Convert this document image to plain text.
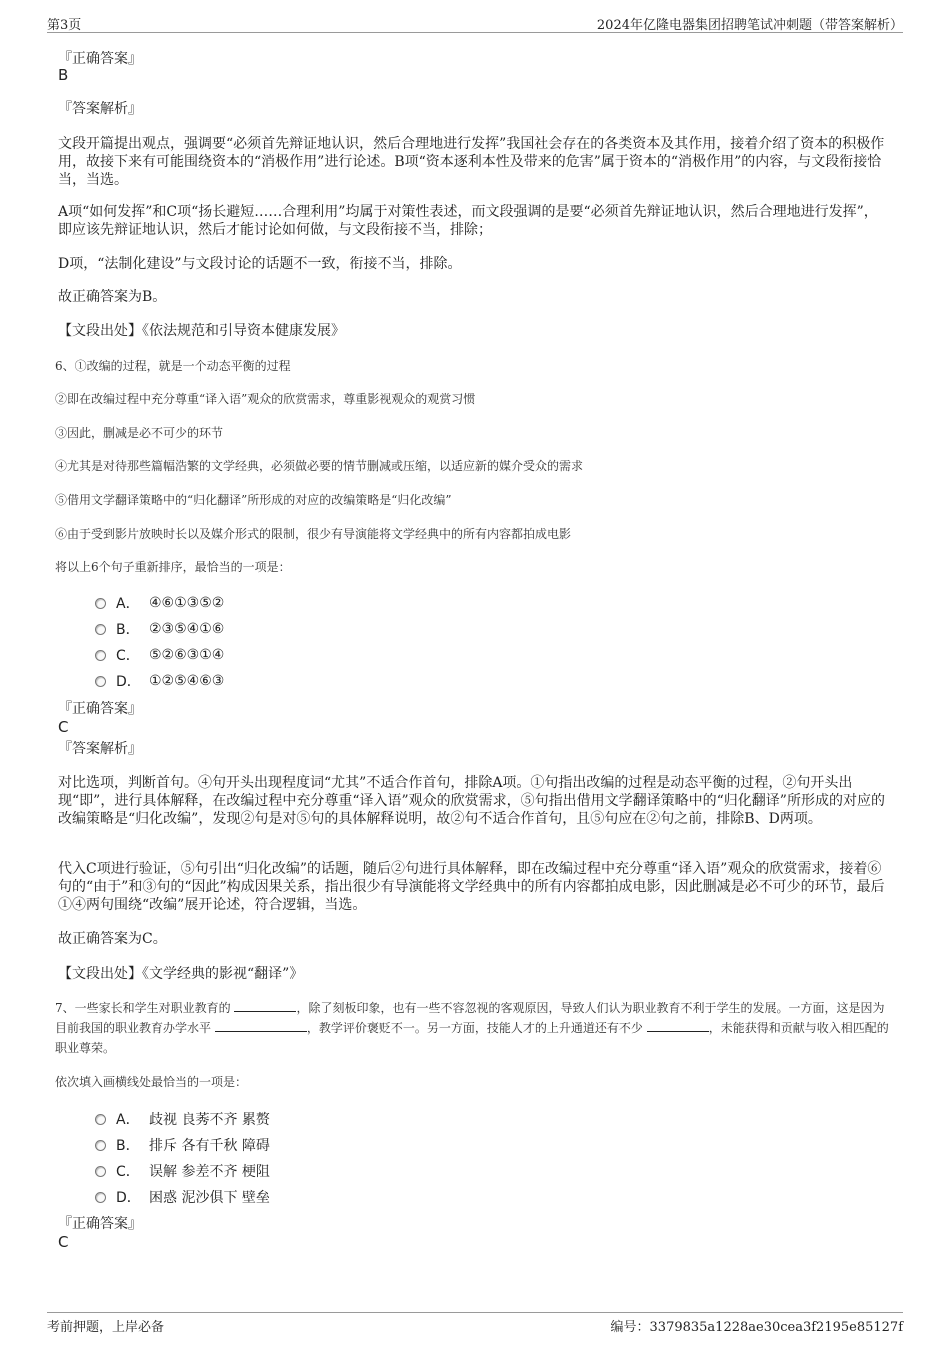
第3页	2024年亿隆电器集团招聘笔试冲刺题（带答案解析）
『正确答案』
B
『答案解析』
文段开篇提出观点，强调要“必须首先辩证地认识，然后合理地进行发挥”我国社会存在的各类资本及其作用，接着介绍了资本的积极作用，故接下来有可能围绕资本的“消极作用”进行论述。B项“资本逐利本性及带来的危害”属于资本的“消极作用”的内容，与文段衔接恰当，当选。
A项“如何发挥”和C项“扬长避短……合理利用”均属于对策性表述，而文段强调的是要“必须首先辩证地认识，然后合理地进行发挥”，即应该先辩证地认识，然后才能讨论如何做，与文段衔接不当，排除；
D项，“法制化建设”与文段讨论的话题不一致，衔接不当，排除。
故正确答案为B。
【文段出处】《依法规范和引导资本健康发展》
6、①改编的过程，就是一个动态平衡的过程
②即在改编过程中充分尊重“译入语”观众的欣赏需求，尊重影视观众的观赏习惯
③因此，删减是必不可少的环节
④尤其是对待那些篇幅浩繁的文学经典，必须做必要的情节删减或压缩，以适应新的媒介受众的需求
⑤借用文学翻译策略中的“归化翻译”所形成的对应的改编策略是“归化改编”
⑥由于受到影片放映时长以及媒介形式的限制，很少有导演能将文学经典中的所有内容都拍成电影
将以上6个句子重新排序，最恰当的一项是：
A． ④⑥①③⑤②
B． ②③⑤④①⑥
C． ⑤②⑥③①④
D． ①②⑤④⑥③
『正确答案』
C
『答案解析』
对比选项，判断首句。④句开头出现程度词“尤其”不适合作首句，排除A项。①句指出改编的过程是动态平衡的过程，②句开头出现“即”，进行具体解释，在改编过程中充分尊重“译入语”观众的欣赏需求，⑤句指出借用文学翻译策略中的“归化翻译”所形成的对应的改编策略是“归化改编”，发现②句是对⑤句的具体解释说明，故②句不适合作首句，且⑤句应在②句之前，排除B、D两项。
代入C项进行验证，⑤句引出“归化改编”的话题，随后②句进行具体解释，即在改编过程中充分尊重“译入语”观众的欣赏需求，接着⑥句的“由于”和③句的“因此”构成因果关系，指出很少有导演能将文学经典中的所有内容都拍成电影，因此删减是必不可少的环节，最后①④两句围绕“改编”展开论述，符合逻辑，当选。
故正确答案为C。
【文段出处】《文学经典的影视“翻译”》
7、一些家长和学生对职业教育的	，除了刻板印象，也有一些不容忽视的客观原因，导致人们认为职业教育不利于学生的发展。一方面，这是因为目前我国的职业教育办学水平	，教学评价褒贬不一。另一方面，技能人才的上升通道还有不少	，未能获得和贡献与收入相匹配的职业尊荣。
依次填入画横线处最恰当的一项是：
A． 歧视 良莠不齐 累赘
B． 排斥 各有千秋 障碍
C． 误解 参差不齐 梗阻
D． 困惑 泥沙俱下 壁垒
『正确答案』
C
考前押题，上岸必备	编号：3379835a1228ae30cea3f2195e85127f
